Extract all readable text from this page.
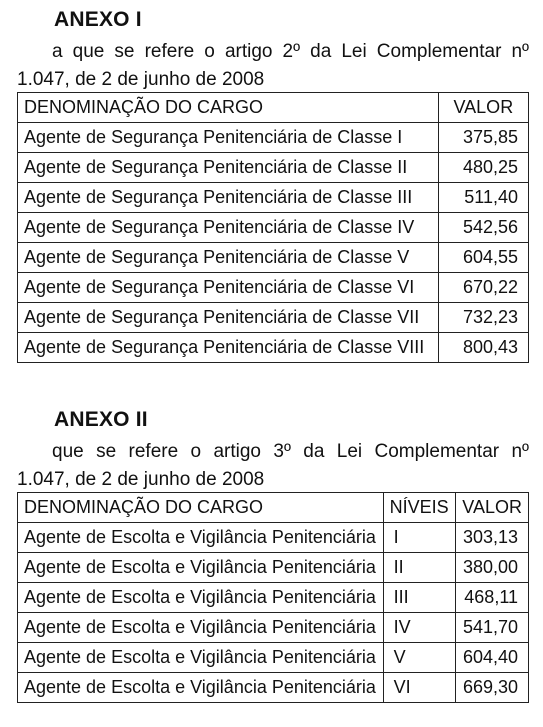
ANEXO I
a que se refere o artigo 2º da Lei Complementar nº
1.047, de 2 de junho de 2008
DENOMINAÇÃO DO CARGO	VALOR
Agente de Segurança Penitenciária de Classe I	375,85
Agente de Segurança Penitenciária de Classe II	480,25
Agente de Segurança Penitenciária de Classe III	511,40
Agente de Segurança Penitenciária de Classe IV	542,56
Agente de Segurança Penitenciária de Classe V	604,55
Agente de Segurança Penitenciária de Classe VI	670,22
Agente de Segurança Penitenciária de Classe VII	732,23
Agente de Segurança Penitenciária de Classe VIII	800,43
ANEXO II
que se refere o artigo 3º da Lei Complementar nº
1.047, de 2 de junho de 2008
DENOMINAÇÃO DO CARGO	NÍVEIS	VALOR
Agente de Escolta e Vigilância Penitenciária	I	303,13
Agente de Escolta e Vigilância Penitenciária	II	380,00
Agente de Escolta e Vigilância Penitenciária	III	468,11
Agente de Escolta e Vigilância Penitenciária	IV	541,70
Agente de Escolta e Vigilância Penitenciária	V	604,40
Agente de Escolta e Vigilância Penitenciária	VI	669,30
